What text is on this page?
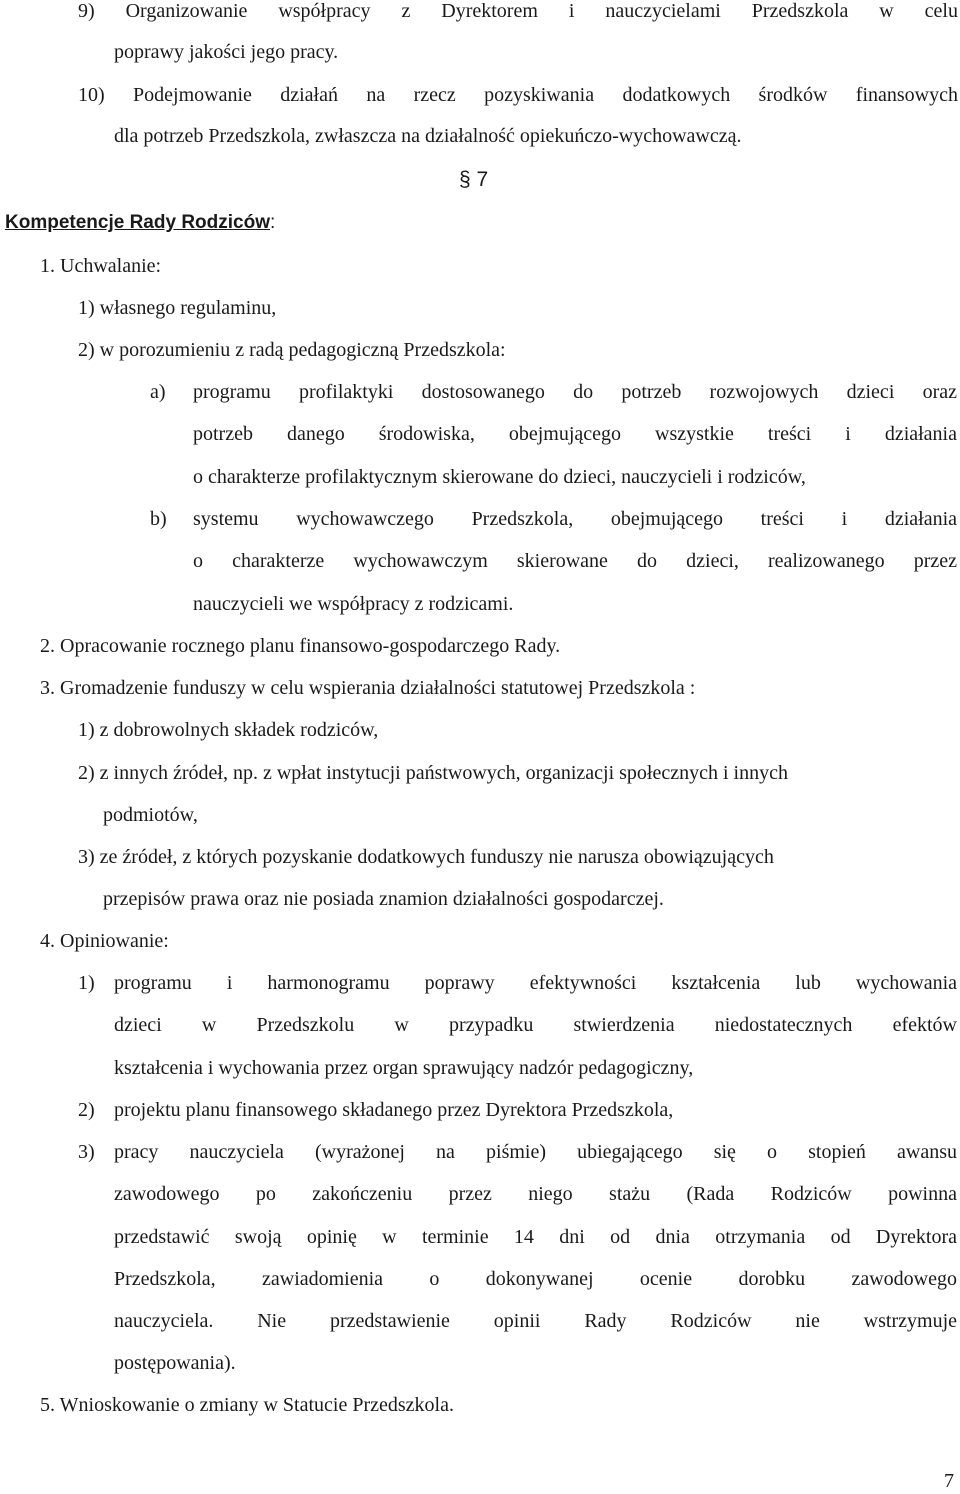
9) Organizowanie współpracy z Dyrektorem i nauczycielami Przedszkola w celu
poprawy jakości jego pracy.
10) Podejmowanie działań na rzecz pozyskiwania dodatkowych środków finansowych
dla potrzeb Przedszkola, zwłaszcza na działalność opiekuńczo-wychowawczą.
§ 7
Kompetencje Rady Rodziców:
1. Uchwalanie:
1) własnego regulaminu,
2) w porozumieniu z radą pedagogiczną Przedszkola:
a) programu profilaktyki dostosowanego do potrzeb rozwojowych dzieci oraz
potrzeb danego środowiska, obejmującego wszystkie treści i działania
o charakterze profilaktycznym skierowane do dzieci, nauczycieli i rodziców,
b) systemu wychowawczego Przedszkola, obejmującego treści i działania
o charakterze wychowawczym skierowane do dzieci, realizowanego przez
nauczycieli we współpracy z rodzicami.
2. Opracowanie rocznego planu finansowo-gospodarczego Rady.
3. Gromadzenie funduszy w celu wspierania działalności statutowej Przedszkola :
1) z dobrowolnych składek rodziców,
2) z innych źródeł, np. z wpłat instytucji państwowych, organizacji społecznych i innych
podmiotów,
3) ze źródeł, z których pozyskanie dodatkowych funduszy nie narusza obowiązujących
przepisów prawa oraz nie posiada znamion działalności gospodarczej.
4. Opiniowanie:
1) programu i harmonogramu poprawy efektywności kształcenia lub wychowania
dzieci w Przedszkolu w przypadku stwierdzenia niedostatecznych efektów
kształcenia i wychowania przez organ sprawujący nadzór pedagogiczny,
2) projektu planu finansowego składanego przez Dyrektora Przedszkola,
3) pracy nauczyciela (wyrażonej na piśmie) ubiegającego się o stopień awansu
zawodowego po zakończeniu przez niego stażu (Rada Rodziców powinna
przedstawić swoją opinię w terminie 14 dni od dnia otrzymania od Dyrektora
Przedszkola, zawiadomienia o dokonywanej ocenie dorobku zawodowego
nauczyciela. Nie przedstawienie opinii Rady Rodziców nie wstrzymuje
postępowania).
5. Wnioskowanie o zmiany w Statucie Przedszkola.
7
